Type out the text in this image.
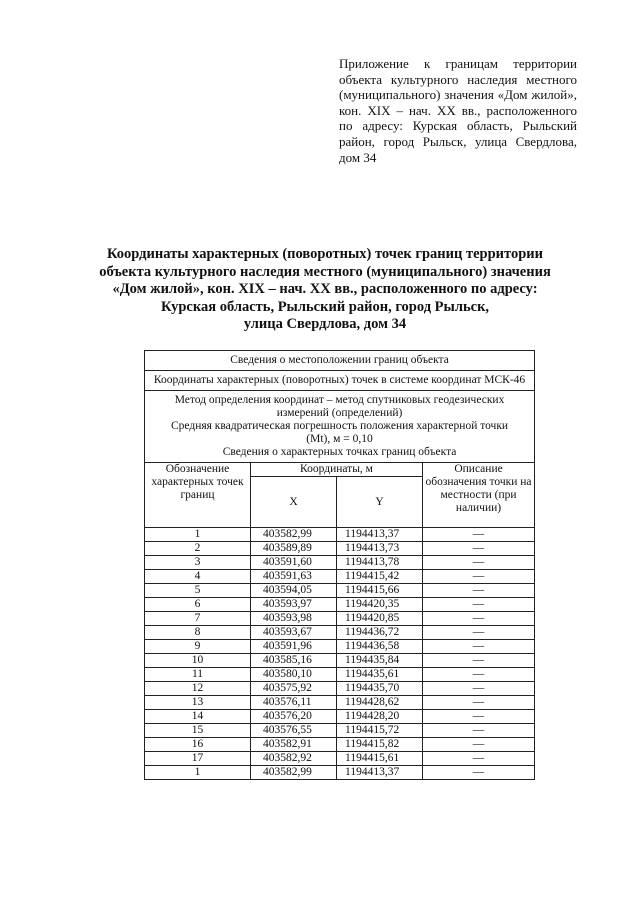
Приложение к границам территории объекта культурного наследия местного (муниципального) значения «Дом жилой», кон. XIX – нач. XX вв., расположенного по адресу: Курская область, Рыльский район, город Рыльск, улица Свердлова, дом 34
Координаты характерных (поворотных) точек границ территории
объекта культурного наследия местного (муниципального) значения
«Дом жилой», кон. XIX – нач. XX вв., расположенного по адресу:
Курская область, Рыльский район, город Рыльск,
улица Свердлова, дом 34
Сведения о местоположении границ объекта			
Координаты характерных (поворотных) точек в системе координат МСК-46			

Метод определения координат – метод спутниковых геодезических
измерений (определений)
Средняя квадратическая погрешность положения характерной точки
(Mt), м = 0,10
Сведения о характерных точках границ объекта			

Обозначение характерных точек границ	Координаты, м		Описание обозначения точки на местности (при наличии)
	X	Y	
1	403582,99	1194413,37	—
2	403589,89	1194413,73	—
3	403591,60	1194413,78	—
4	403591,63	1194415,42	—
5	403594,05	1194415,66	—
6	403593,97	1194420,35	—
7	403593,98	1194420,85	—
8	403593,67	1194436,72	—
9	403591,96	1194436,58	—
10	403585,16	1194435,84	—
11	403580,10	1194435,61	—
12	403575,92	1194435,70	—
13	403576,11	1194428,62	—
14	403576,20	1194428,20	—
15	403576,55	1194415,72	—
16	403582,91	1194415,82	—
17	403582,92	1194415,61	—
1	403582,99	1194413,37	—
